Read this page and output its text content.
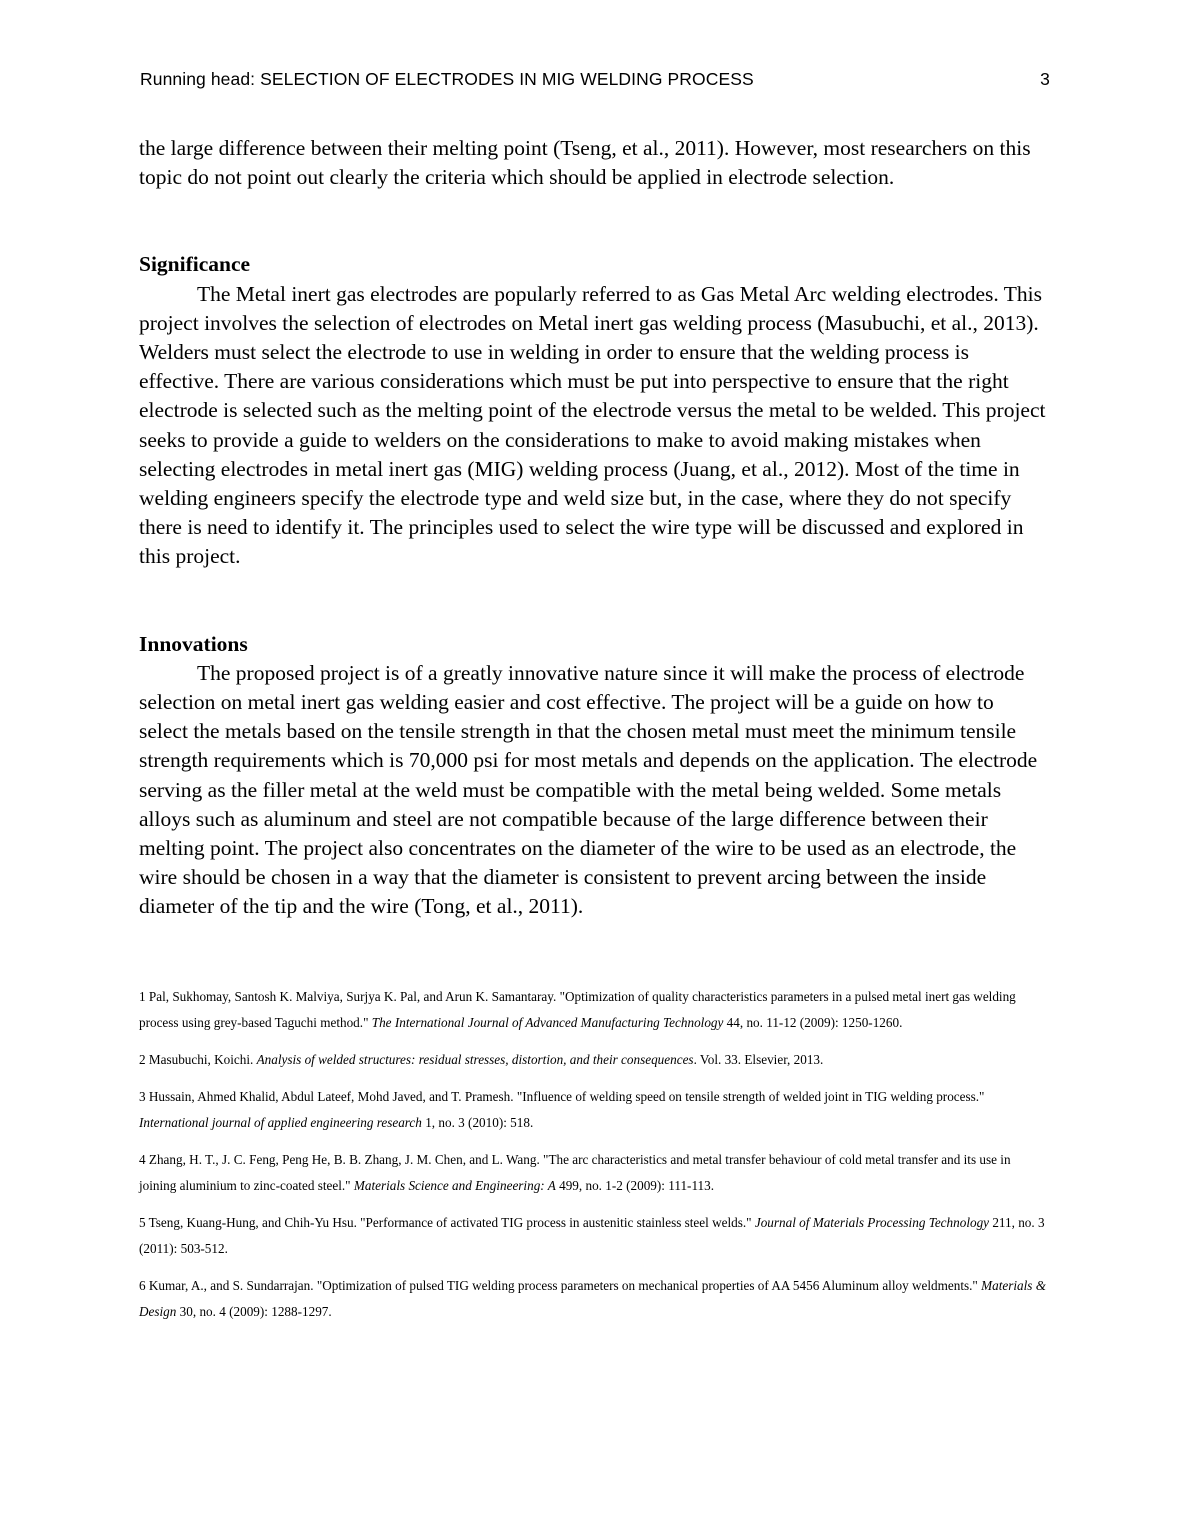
Running head: SELECTION OF ELECTRODES IN MIG WELDING PROCESS	3

the large difference between their melting point (Tseng, et al., 2011). However, most researchers on this topic do not point out clearly the criteria which should be applied in electrode selection.

Significance

The Metal inert gas electrodes are popularly referred to as Gas Metal Arc welding electrodes. This project involves the selection of electrodes on Metal inert gas welding process (Masubuchi, et al., 2013). Welders must select the electrode to use in welding in order to ensure that the welding process is effective. There are various considerations which must be put into perspective to ensure that the right electrode is selected such as the melting point of the electrode versus the metal to be welded. This project seeks to provide a guide to welders on the considerations to make to avoid making mistakes when selecting electrodes in metal inert gas (MIG) welding process (Juang, et al., 2012). Most of the time in welding engineers specify the electrode type and weld size but, in the case, where they do not specify there is need to identify it. The principles used to select the wire type will be discussed and explored in this project.

Innovations

The proposed project is of a greatly innovative nature since it will make the process of electrode selection on metal inert gas welding easier and cost effective. The project will be a guide on how to select the metals based on the tensile strength in that the chosen metal must meet the minimum tensile strength requirements which is 70,000 psi for most metals and depends on the application. The electrode serving as the filler metal at the weld must be compatible with the metal being welded. Some metals alloys such as aluminum and steel are not compatible because of the large difference between their melting point. The project also concentrates on the diameter of the wire to be used as an electrode, the wire should be chosen in a way that the diameter is consistent to prevent arcing between the inside diameter of the tip and the wire (Tong, et al., 2011).

1 Pal, Sukhomay, Santosh K. Malviya, Surjya K. Pal, and Arun K. Samantaray. "Optimization of quality characteristics parameters in a pulsed metal inert gas welding process using grey-based Taguchi method." The International Journal of Advanced Manufacturing Technology 44, no. 11-12 (2009): 1250-1260.
2 Masubuchi, Koichi. Analysis of welded structures: residual stresses, distortion, and their consequences. Vol. 33. Elsevier, 2013.
3 Hussain, Ahmed Khalid, Abdul Lateef, Mohd Javed, and T. Pramesh. "Influence of welding speed on tensile strength of welded joint in TIG welding process." International journal of applied engineering research 1, no. 3 (2010): 518.
4 Zhang, H. T., J. C. Feng, Peng He, B. B. Zhang, J. M. Chen, and L. Wang. "The arc characteristics and metal transfer behaviour of cold metal transfer and its use in joining aluminium to zinc-coated steel." Materials Science and Engineering: A 499, no. 1-2 (2009): 111-113.
5 Tseng, Kuang-Hung, and Chih-Yu Hsu. "Performance of activated TIG process in austenitic stainless steel welds." Journal of Materials Processing Technology 211, no. 3 (2011): 503-512.
6 Kumar, A., and S. Sundarrajan. "Optimization of pulsed TIG welding process parameters on mechanical properties of AA 5456 Aluminum alloy weldments." Materials & Design 30, no. 4 (2009): 1288-1297.
